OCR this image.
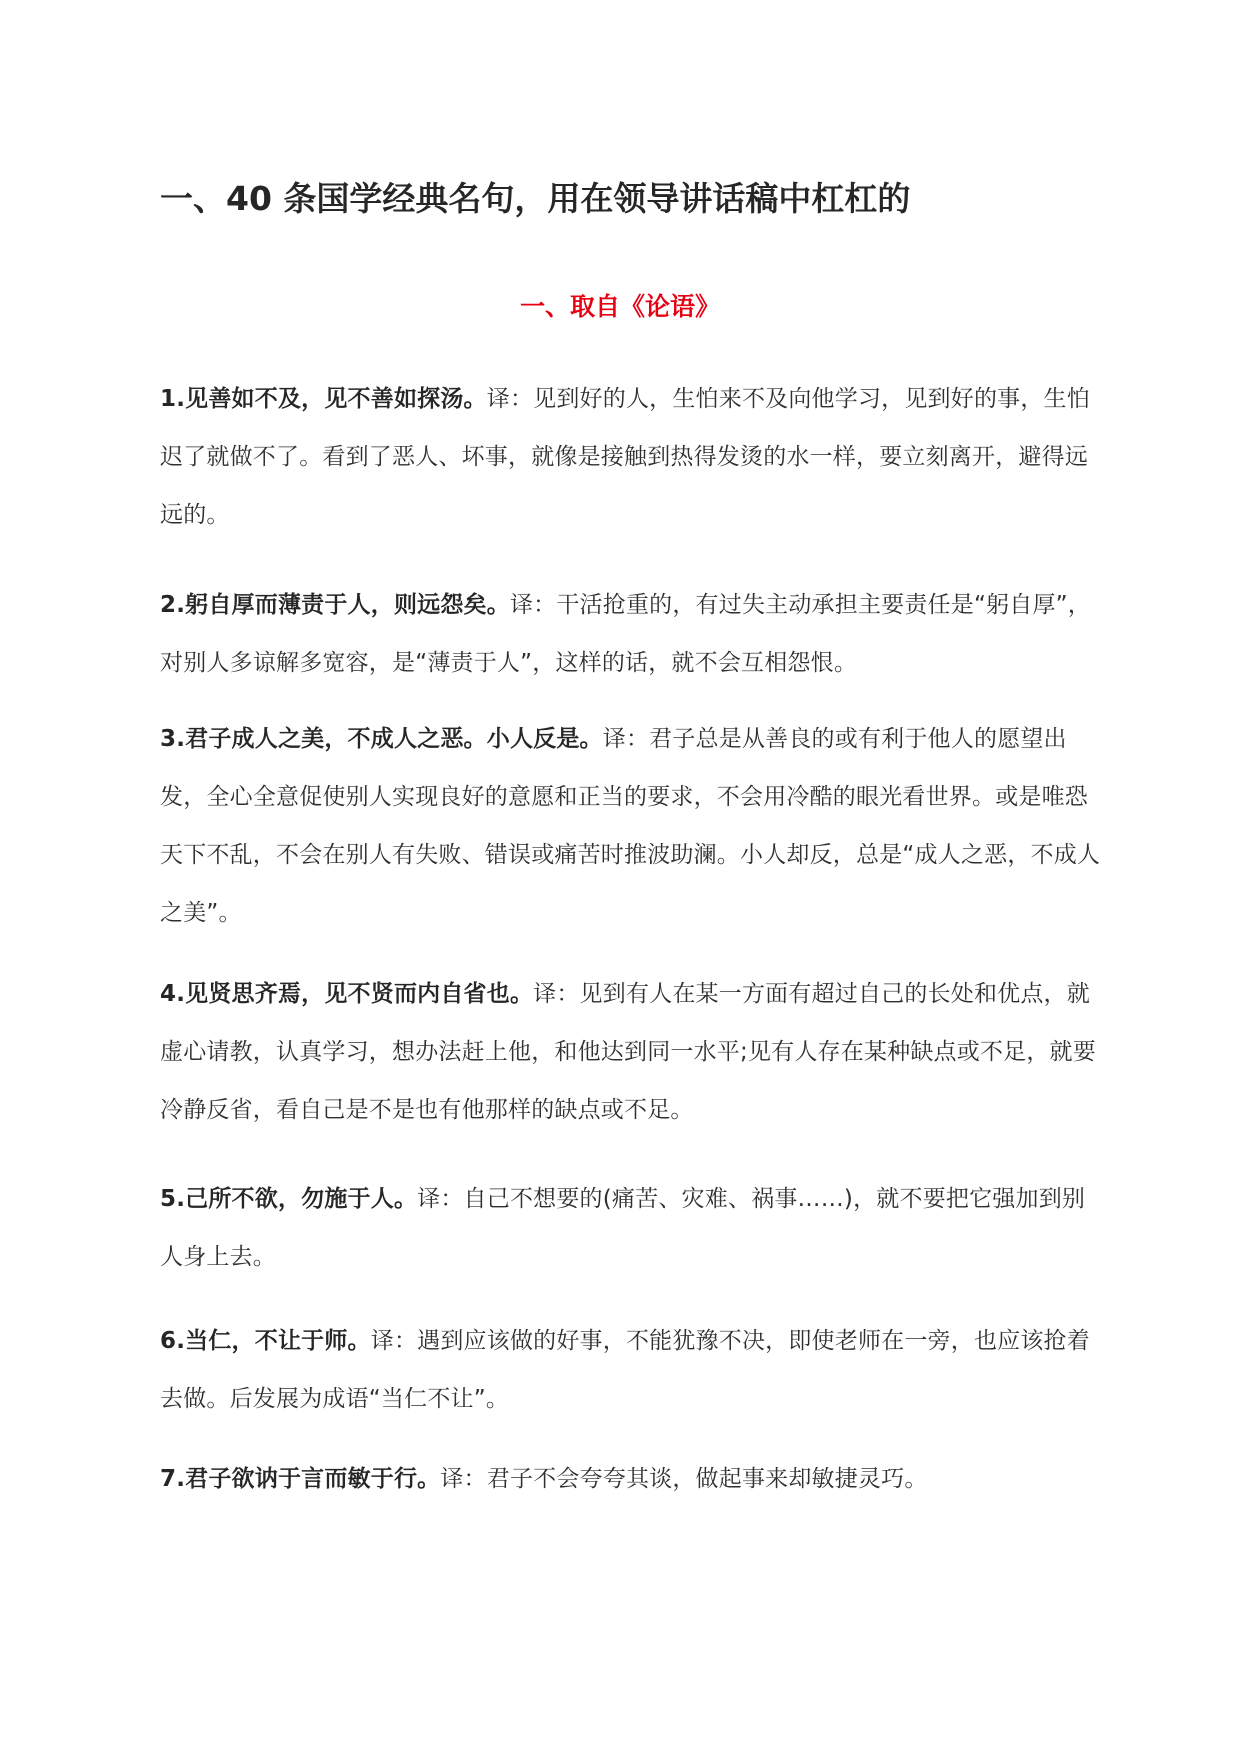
一、40 条国学经典名句，用在领导讲话稿中杠杠的
一、取自《论语》

1.见善如不及，见不善如探汤。译：见到好的人，生怕来不及向他学习，见到好的事，生怕迟了就做不了。看到了恶人、坏事，就像是接触到热得发烫的水一样，要立刻离开，避得远远的。

2.躬自厚而薄责于人，则远怨矣。译：干活抢重的，有过失主动承担主要责任是“躬自厚”，对别人多谅解多宽容，是“薄责于人”，这样的话，就不会互相怨恨。

3.君子成人之美，不成人之恶。小人反是。译：君子总是从善良的或有利于他人的愿望出发，全心全意促使别人实现良好的意愿和正当的要求，不会用冷酷的眼光看世界。或是唯恐天下不乱，不会在别人有失败、错误或痛苦时推波助澜。小人却反，总是“成人之恶，不成人之美”。

4.见贤思齐焉，见不贤而内自省也。译：见到有人在某一方面有超过自己的长处和优点，就虚心请教，认真学习，想办法赶上他，和他达到同一水平;见有人存在某种缺点或不足，就要冷静反省，看自己是不是也有他那样的缺点或不足。

5.己所不欲，勿施于人。译：自己不想要的(痛苦、灾难、祸事……)，就不要把它强加到别人身上去。

6.当仁，不让于师。译：遇到应该做的好事，不能犹豫不决，即使老师在一旁，也应该抢着去做。后发展为成语“当仁不让”。

7.君子欲讷于言而敏于行。译：君子不会夸夸其谈，做起事来却敏捷灵巧。
